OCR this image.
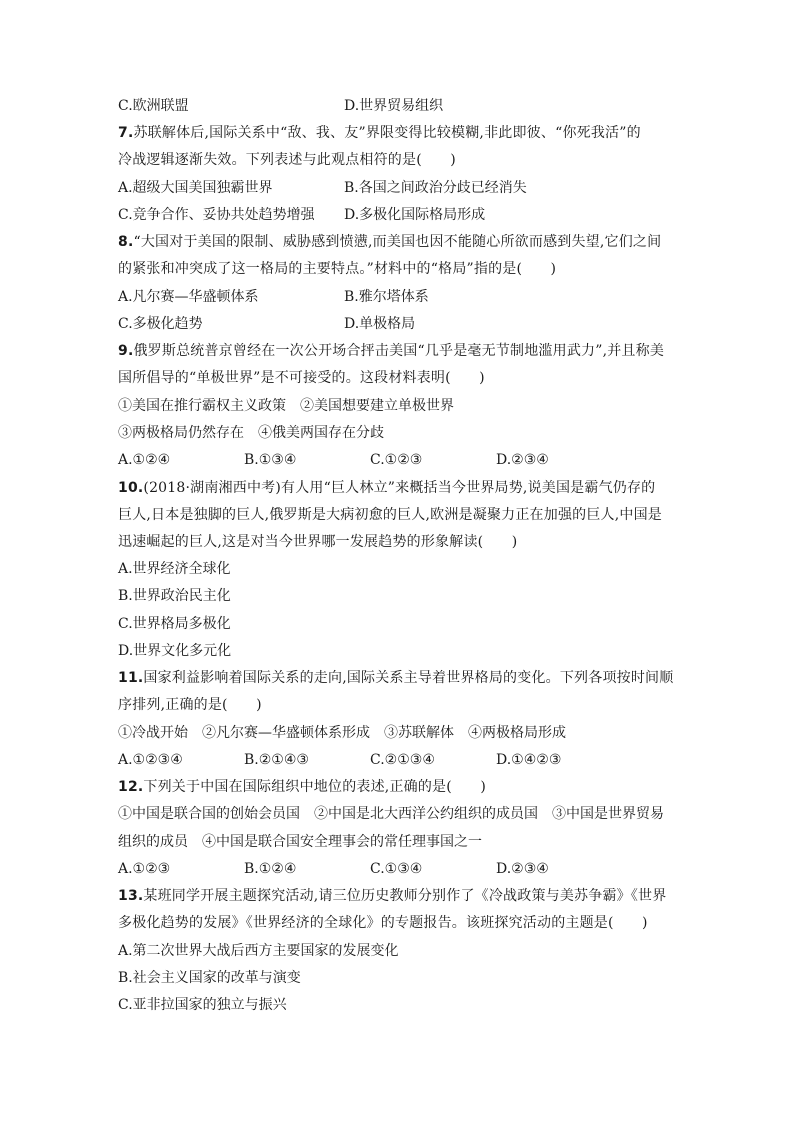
C.欧洲联盟	D.世界贸易组织
7.苏联解体后,国际关系中“敌、我、友”界限变得比较模糊,非此即彼、“你死我活”的
冷战逻辑逐渐失效。下列表述与此观点相符的是(　　)
A.超级大国美国独霸世界	B.各国之间政治分歧已经消失
C.竞争合作、妥协共处趋势增强 D.多极化国际格局形成
8.“大国对于美国的限制、威胁感到愤懑,而美国也因不能随心所欲而感到失望,它们之间
的紧张和冲突成了这一格局的主要特点。”材料中的“格局”指的是(　　)
A.凡尔赛—华盛顿体系	B.雅尔塔体系
C.多极化趋势	D.单极格局
9.俄罗斯总统普京曾经在一次公开场合抨击美国“几乎是毫无节制地滥用武力”,并且称美
国所倡导的“单极世界”是不可接受的。这段材料表明(　　)
①美国在推行霸权主义政策　②美国想要建立单极世界
③两极格局仍然存在　④俄美两国存在分歧
A.①②④	B.①③④	C.①②③	D.②③④
10.(2018·湖南湘西中考)有人用“巨人林立”来概括当今世界局势,说美国是霸气仍存的
巨人,日本是独脚的巨人,俄罗斯是大病初愈的巨人,欧洲是凝聚力正在加强的巨人,中国是
迅速崛起的巨人,这是对当今世界哪一发展趋势的形象解读(　　)
A.世界经济全球化
B.世界政治民主化
C.世界格局多极化
D.世界文化多元化
11.国家利益影响着国际关系的走向,国际关系主导着世界格局的变化。下列各项按时间顺
序排列,正确的是(　　)
①冷战开始　②凡尔赛—华盛顿体系形成　③苏联解体　④两极格局形成
A.①②③④	B.②①④③	C.②①③④	D.①④②③
12.下列关于中国在国际组织中地位的表述,正确的是(　　)
①中国是联合国的创始会员国　②中国是北大西洋公约组织的成员国　③中国是世界贸易
组织的成员　④中国是联合国安全理事会的常任理事国之一
A.①②③	B.①②④	C.①③④	D.②③④
13.某班同学开展主题探究活动,请三位历史教师分别作了《冷战政策与美苏争霸》《世界
多极化趋势的发展》《世界经济的全球化》的专题报告。该班探究活动的主题是(　　)
A.第二次世界大战后西方主要国家的发展变化
B.社会主义国家的改革与演变
C.亚非拉国家的独立与振兴
